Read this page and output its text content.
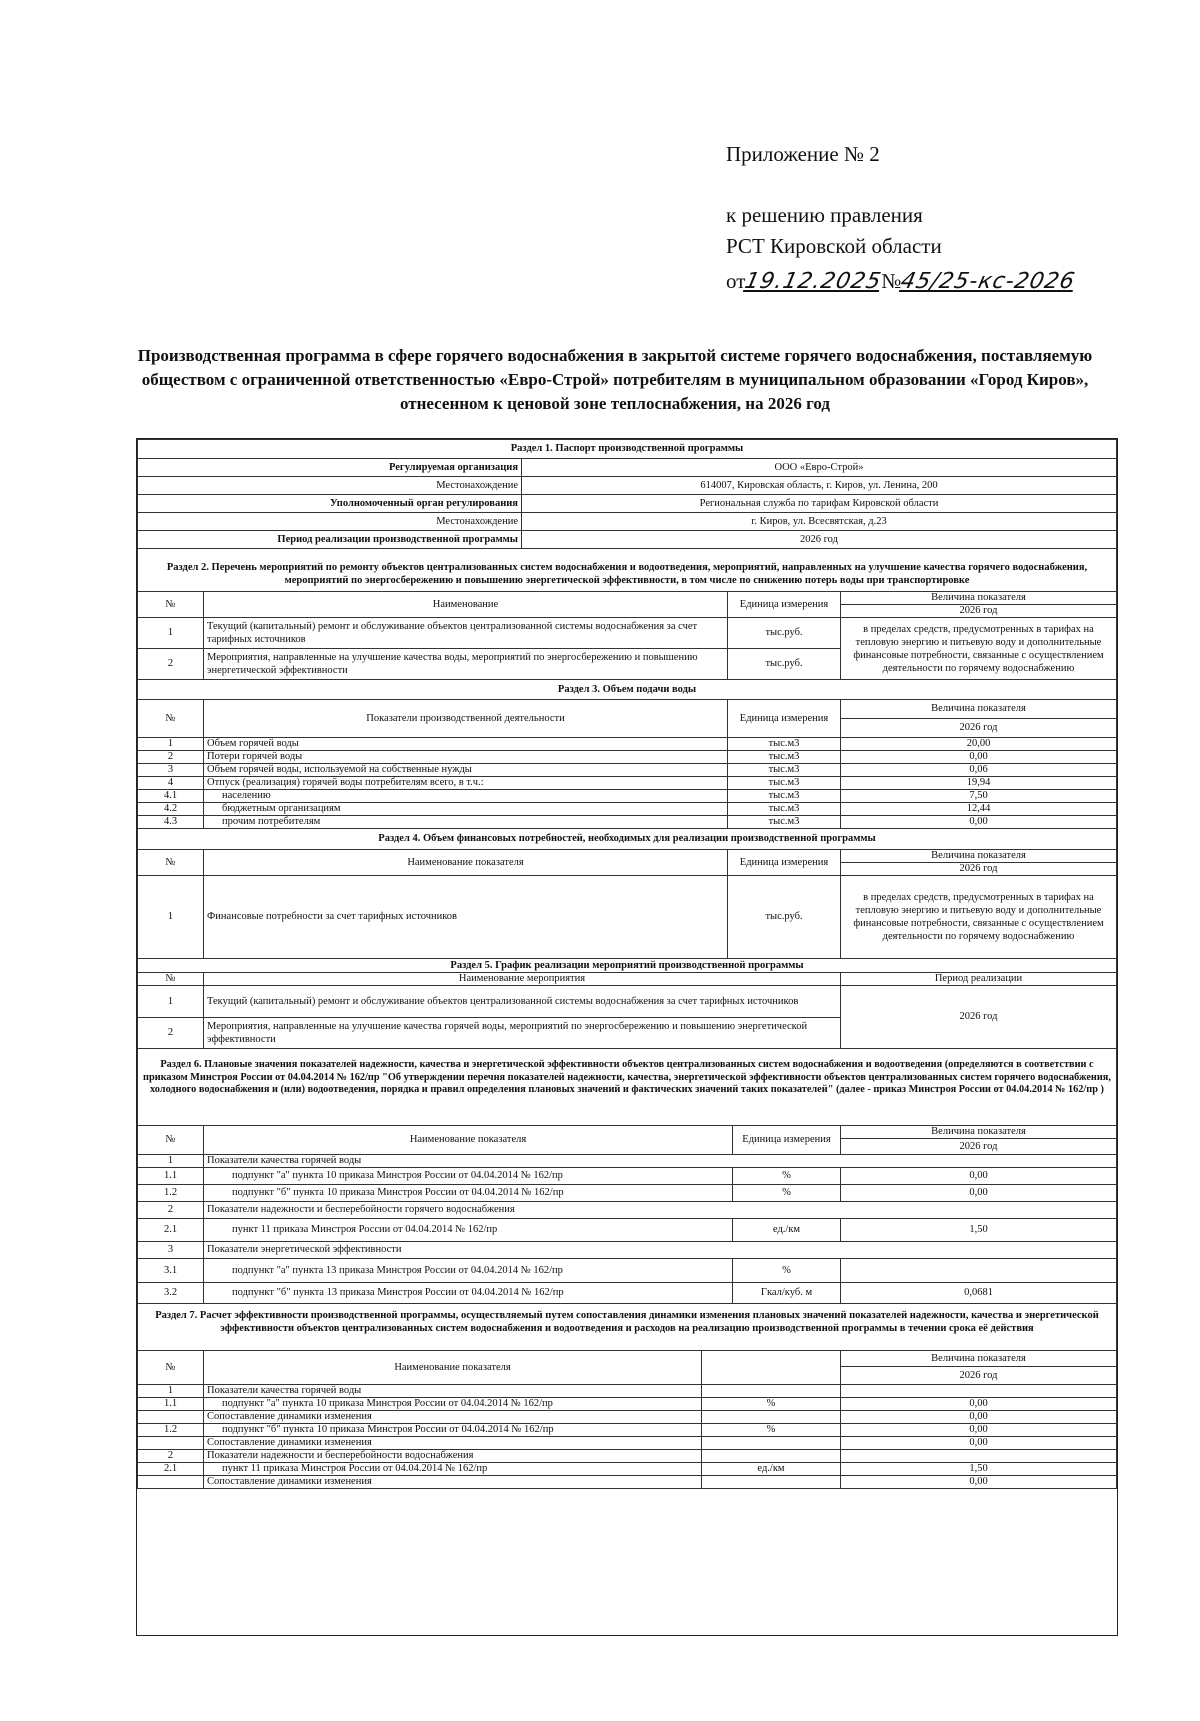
Приложение № 2
к решению правления
РСТ Кировской области
от19.12.2025№45/25-кс-2026
Производственная программа в сфере горячего водоснабжения в закрытой системе горячего водоснабжения, поставляемую обществом с ограниченной ответственностью «Евро-Строй» потребителям в муниципальном образовании «Город Киров», отнесенном к ценовой зоне теплоснабжения, на 2026 год
Раздел 1. Паспорт производственной программы	
Регулируемая организация	ООО «Евро-Строй»
Местонахождение	614007, Кировская область, г. Киров, ул. Ленина, 200
Уполномоченный орган регулирования	Региональная служба по тарифам Кировской области
Местонахождение	г. Киров, ул. Всесвятская, д.23
Период реализации производственной программы	2026 год
Раздел 2. Перечень мероприятий по ремонту объектов централизованных систем водоснабжения и водоотведения, мероприятий, направленных на улучшение качества горячего водоснабжения, мероприятий по энергосбережению и повышению энергетической эффективности, в том числе по снижению потерь воды при транспортировке
№	Наименование	Единица измерения	Величина показателя
			2026 год
1	Текущий (капитальный) ремонт и обслуживание объектов централизованной системы водоснабжения за счет тарифных источников	тыс.руб.	в пределах средств, предусмотренных в тарифах на тепловую энергию и питьевую воду и дополнительные финансовые потребности, связанные с осуществлением деятельности по горячему водоснабжению
2	Мероприятия, направленные на улучшение качества воды, мероприятий по энергосбережению и повышению энергетической эффективности	тыс.руб.	
Раздел 3. Объем подачи воды			
№	Показатели производственной деятельности	Единица измерения	Величина показателя
			2026 год
1	Объем горячей воды	тыс.м3	20,00
2	Потери горячей воды	тыс.м3	0,00
3	Объем горячей воды, используемой на собственные нужды	тыс.м3	0,06
4	Отпуск (реализация) горячей воды потребителям всего, в т.ч.:	тыс.м3	19,94
4.1	населению	тыс.м3	7,50
4.2	бюджетным организациям	тыс.м3	12,44
4.3	прочим потребителям	тыс.м3	0,00
Раздел 4. Объем финансовых потребностей, необходимых для реализации производственной программы			
№	Наименование показателя	Единица измерения	Величина показателя
			2026 год
1	Финансовые потребности за счет тарифных источников	тыс.руб.	в пределах средств, предусмотренных в тарифах на тепловую энергию и питьевую воду и дополнительные финансовые потребности, связанные с осуществлением деятельности по горячему водоснабжению
Раздел 5. График реализации мероприятий производственной программы			
№	Наименование мероприятия		Период реализации
1	Текущий (капитальный) ремонт и обслуживание объектов централизованной системы водоснабжения за счет тарифных источников		2026 год
2	Мероприятия, направленные на улучшение качества горячей воды, мероприятий по энергосбережению и повышению энергетической эффективности		
Раздел 6. Плановые значения показателей надежности, качества и энергетической эффективности объектов централизованных систем водоснабжения и водоотведения (определяются в соответствии с приказом Минстроя России от 04.04.2014 № 162/пр "Об утверждении перечня показателей надежности, качества, энергетической эффективности объектов централизованных систем горячего водоснабжения, холодного водоснабжения и (или) водоотведения, порядка и правил определения плановых значений и фактических значений таких показателей" (далее - приказ Минстроя России от 04.04.2014 № 162/пр )
№	Наименование показателя	Единица измерения	Величина показателя
			2026 год
1	Показатели качества горячей воды		
1.1	подпункт "а" пункта 10 приказа Минстроя России от 04.04.2014 № 162/пр	%	0,00
1.2	подпункт "б" пункта 10 приказа Минстроя России от 04.04.2014 № 162/пр	%	0,00
2	Показатели надежности и бесперебойности горячего водоснабжения		
2.1	пункт 11 приказа Минстроя России от 04.04.2014 № 162/пр	ед./км	1,50
3	Показатели энергетической эффективности		
3.1	подпункт "а" пункта 13 приказа Минстроя России от 04.04.2014 № 162/пр	%	
3.2	подпункт "б" пункта 13 приказа Минстроя России от 04.04.2014 № 162/пр	Гкал/куб. м	0,0681
Раздел 7. Расчет эффективности производственной программы, осуществляемый путем сопоставления динамики изменения плановых значений показателей надежности, качества и энергетической эффективности объектов централизованных систем водоснабжения и водоотведения и расходов на реализацию производственной программы в течении срока её действия
№	Наименование показателя		Величина показателя
			2026 год
1	Показатели качества горячей воды		
1.1	подпункт "а" пункта 10 приказа Минстроя России от 04.04.2014 № 162/пр	%	0,00
	Сопоставление динамики изменения		0,00
1.2	подпункт "б" пункта 10 приказа Минстроя России от 04.04.2014 № 162/пр	%	0,00
	Сопоставление динамики изменения		0,00
2	Показатели надежности и бесперебойности водоснабжения		
2.1	пункт 11 приказа Минстроя России от 04.04.2014 № 162/пр	ед./км	1,50
	Сопоставление динамики изменения		0,00
